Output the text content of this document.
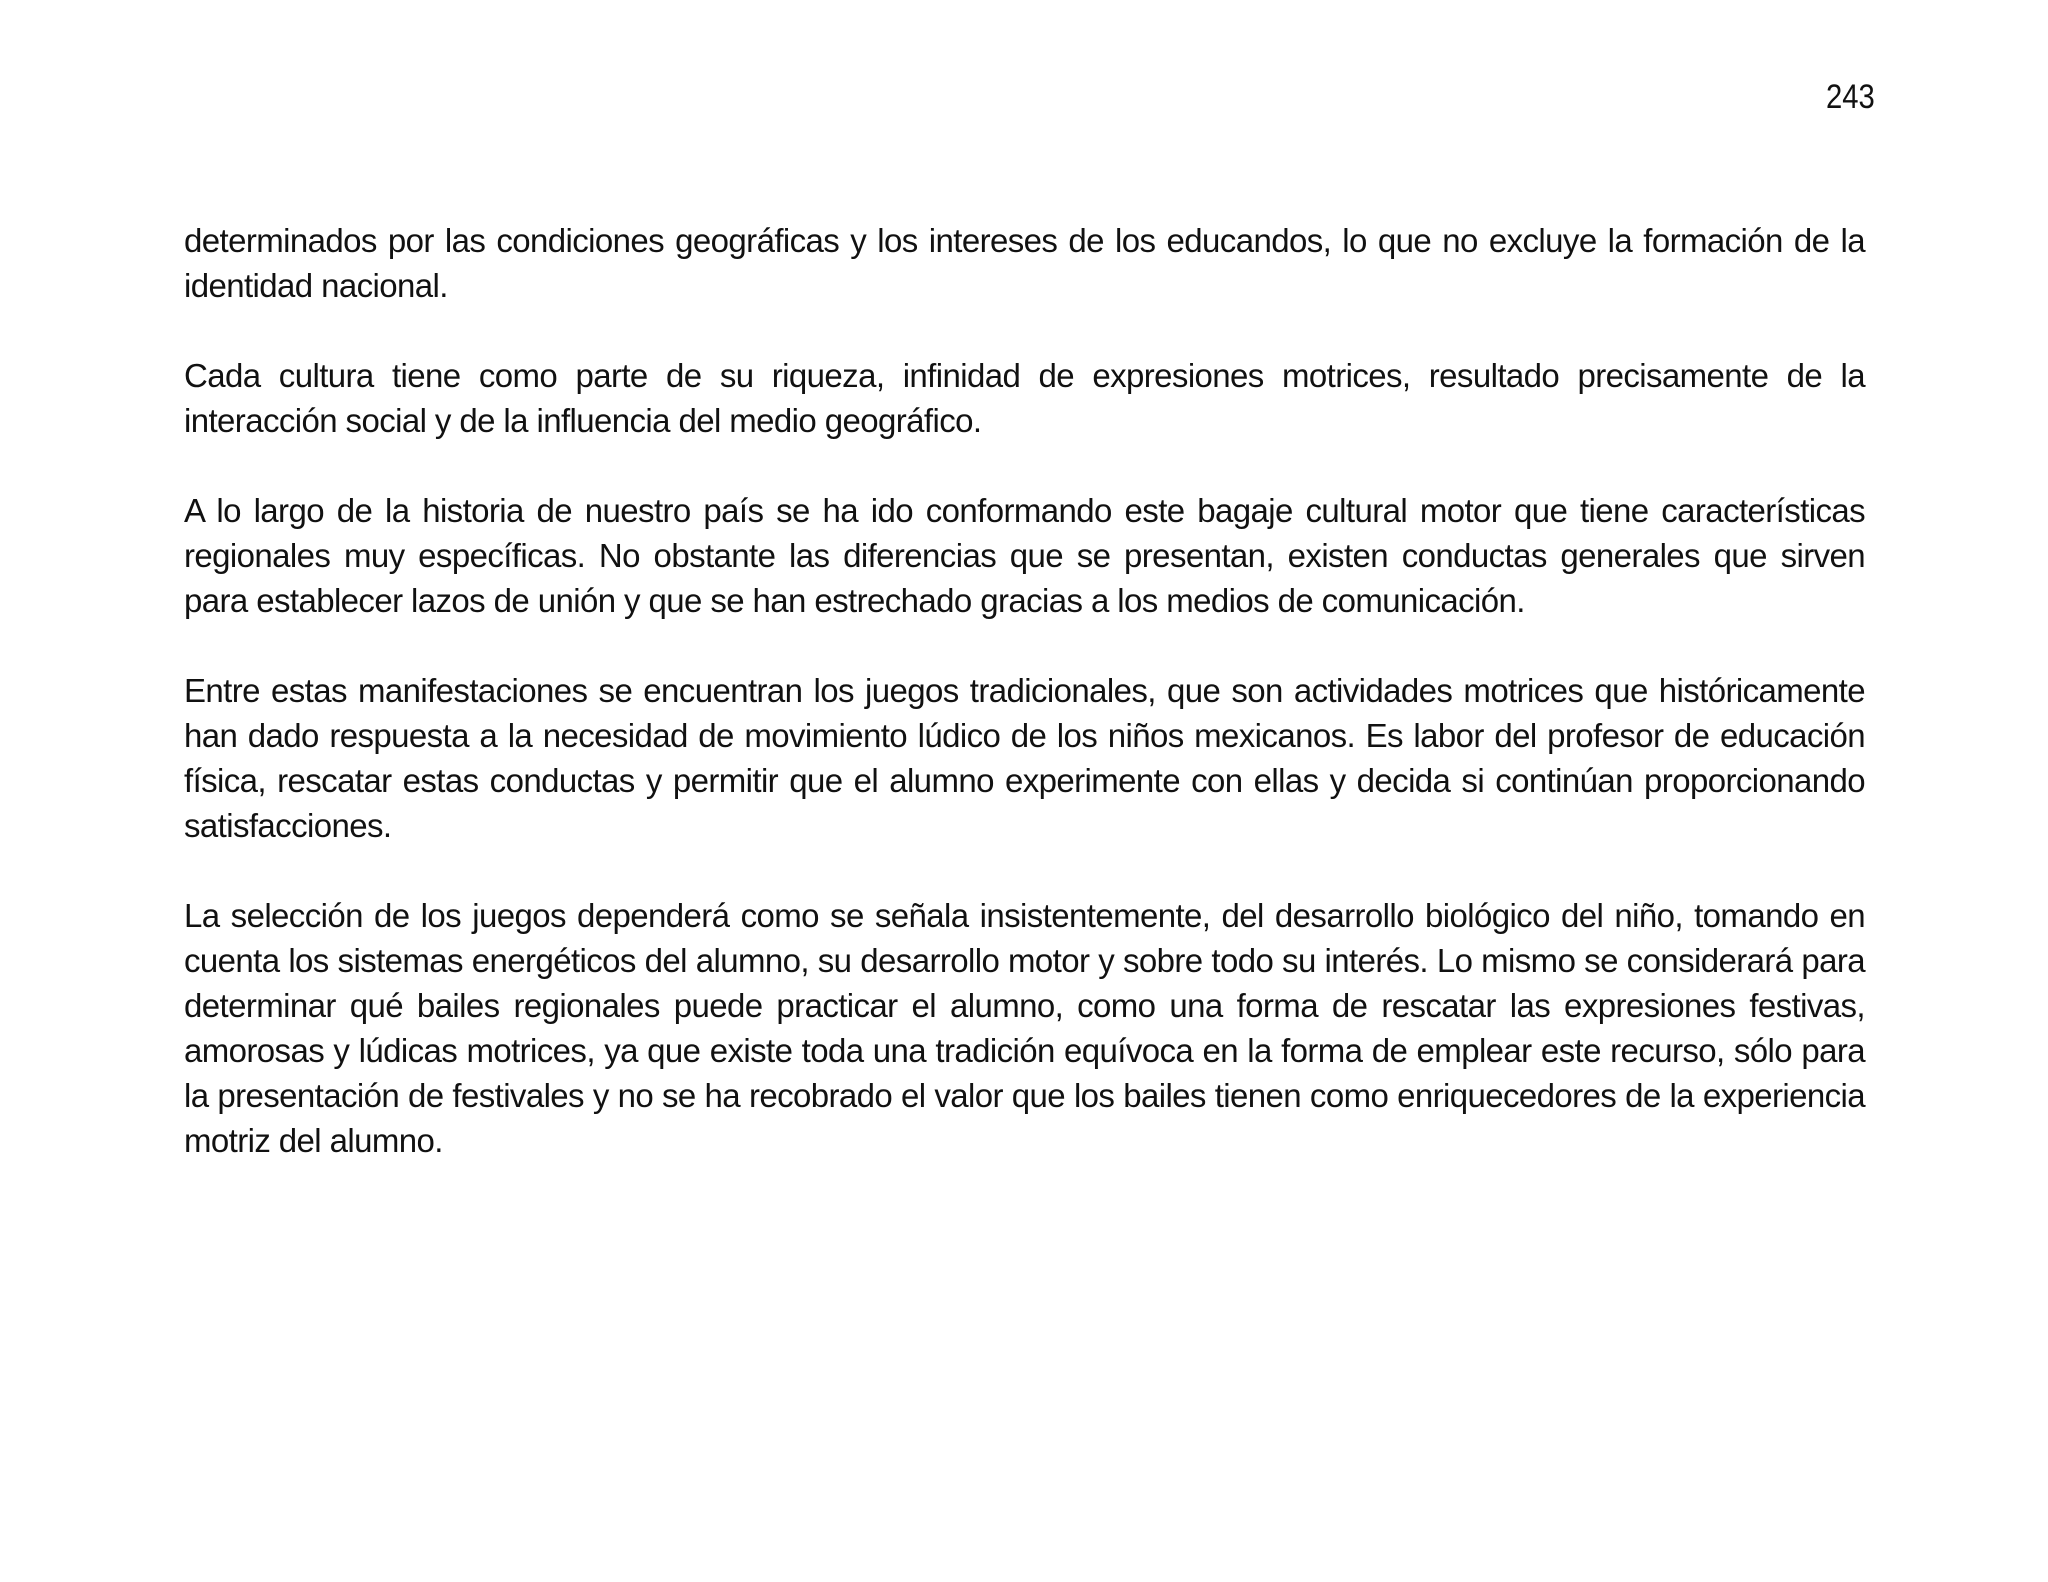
243

determinados por las condiciones geográficas y los intereses de los educandos, lo que no excluye la formación de la identidad nacional.

Cada cultura tiene como parte de su riqueza, infinidad de expresiones motrices, resultado precisamente de la interacción social y de la influencia del medio geográfico.

A lo largo de la historia de nuestro país se ha ido conformando este bagaje cultural motor que tiene características regionales muy específicas. No obstante las diferencias que se presentan, existen conductas generales que sirven para establecer lazos de unión y que se han estrechado gracias a los medios de comunicación.

Entre estas manifestaciones se encuentran los juegos tradicionales, que son actividades motrices que históricamente han dado respuesta a la necesidad de movimiento lúdico de los niños mexicanos. Es labor del profesor de educación física, rescatar estas conductas y permitir que el alumno experimente con ellas y decida si continúan proporcionando satisfacciones.

La selección de los juegos dependerá como se señala insistentemente, del desarrollo biológico del niño, tomando en cuenta los sistemas energéticos del alumno, su desarrollo motor y sobre todo su interés. Lo mismo se considerará para determinar qué bailes regionales puede practicar el alumno, como una forma de rescatar las expresiones festivas, amorosas y lúdicas motrices, ya que existe toda una tradición equívoca en la forma de emplear este recurso, sólo para la presentación de festivales y no se ha recobrado el valor que los bailes tienen como enriquecedores de la experiencia motriz del alumno.
